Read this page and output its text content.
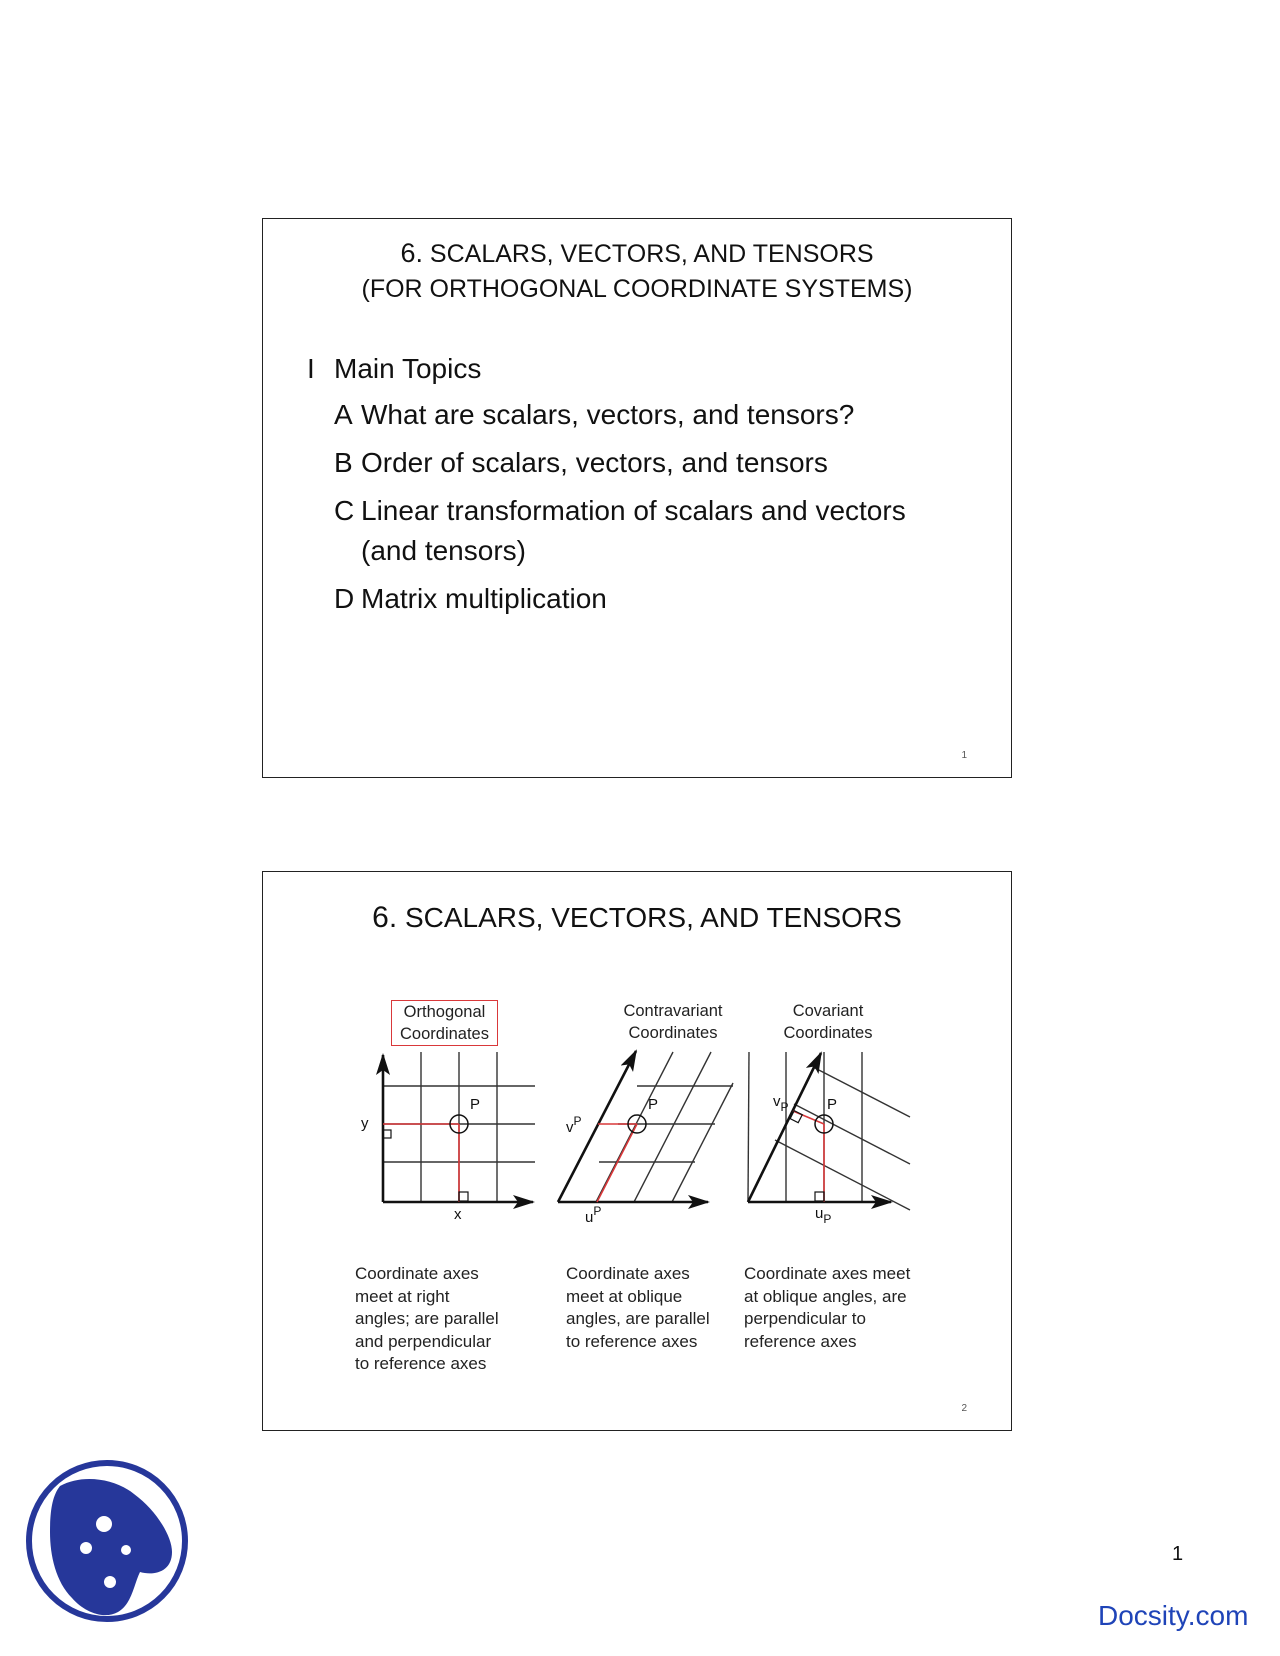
6. SCALARS, VECTORS, AND TENSORS
(FOR ORTHOGONAL COORDINATE SYSTEMS)
I Main Topics
A What are scalars, vectors, and tensors?
B Order of scalars, vectors, and tensors
C Linear transformation of scalars and vectors
(and tensors)
D Matrix multiplication
1
6. SCALARS, VECTORS, AND TENSORS
Orthogonal
Coordinates
Contravariant
Coordinates
Covariant
Coordinates
P
y
x
P
$v^P$
$u^P$
P
$v_P$
$u_P$
Coordinate axes
meet at right
angles; are parallel
and perpendicular
to reference axes
Coordinate axes
meet at oblique
angles, are parallel
to reference axes
Coordinate axes meet
at oblique angles, are
perpendicular to
reference axes
2
1
Docsity.com
